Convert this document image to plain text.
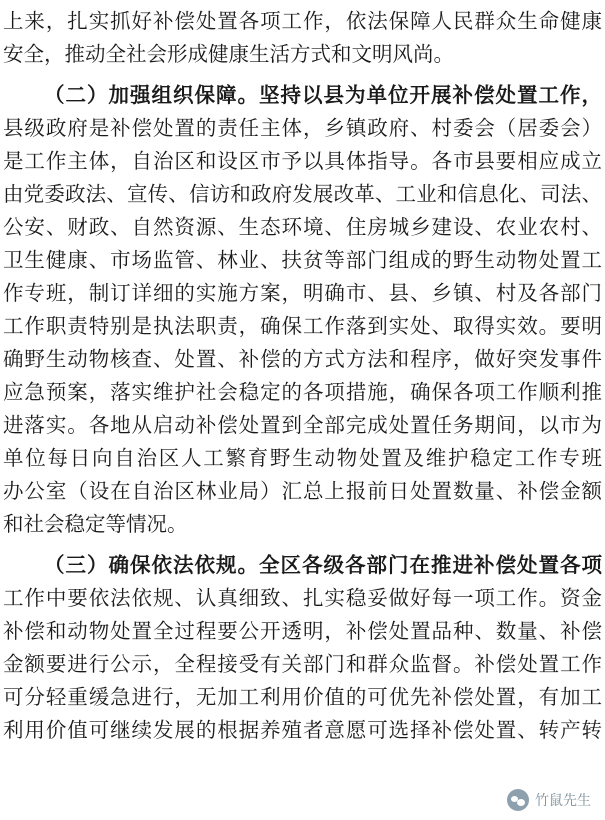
上来，扎实抓好补偿处置各项工作，依法保障人民群众生命健康
安全，推动全社会形成健康生活方式和文明风尚。
（二）加强组织保障。坚持以县为单位开展补偿处置工作，
县级政府是补偿处置的责任主体，乡镇政府、村委会（居委会）
是工作主体，自治区和设区市予以具体指导。各市县要相应成立
由党委政法、宣传、信访和政府发展改革、工业和信息化、司法、
公安、财政、自然资源、生态环境、住房城乡建设、农业农村、
卫生健康、市场监管、林业、扶贫等部门组成的野生动物处置工
作专班，制订详细的实施方案，明确市、县、乡镇、村及各部门
工作职责特别是执法职责，确保工作落到实处、取得实效。要明
确野生动物核查、处置、补偿的方式方法和程序，做好突发事件
应急预案，落实维护社会稳定的各项措施，确保各项工作顺利推
进落实。各地从启动补偿处置到全部完成处置任务期间，以市为
单位每日向自治区人工繁育野生动物处置及维护稳定工作专班
办公室（设在自治区林业局）汇总上报前日处置数量、补偿金额
和社会稳定等情况。
（三）确保依法依规。全区各级各部门在推进补偿处置各项
工作中要依法依规、认真细致、扎实稳妥做好每一项工作。资金
补偿和动物处置全过程要公开透明，补偿处置品种、数量、补偿
金额要进行公示，全程接受有关部门和群众监督。补偿处置工作
可分轻重缓急进行，无加工利用价值的可优先补偿处置，有加工
利用价值可继续发展的根据养殖者意愿可选择补偿处置、转产转
竹鼠先生
